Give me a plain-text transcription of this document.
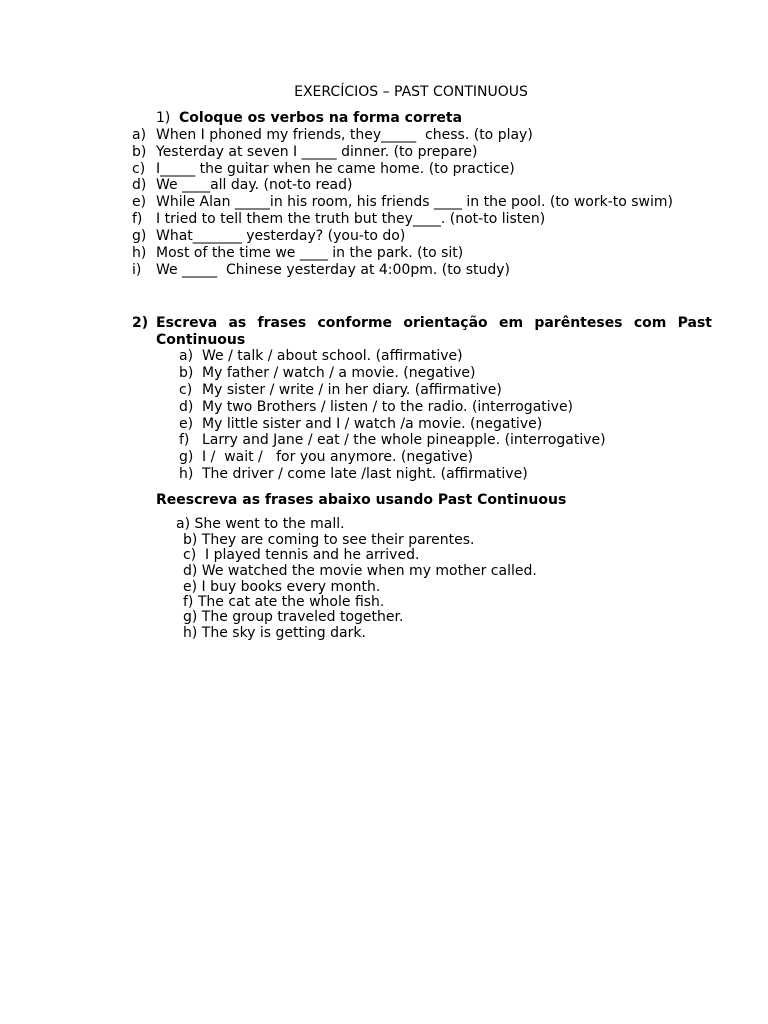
EXERCÍCIOS – PAST CONTINUOUS
1) Coloque os verbos na forma correta
a) When I phoned my friends, they_____  chess. (to play)
b) Yesterday at seven I _____ dinner. (to prepare)
c) I_____ the guitar when he came home. (to practice)
d) We ____all day. (not-to read)
e) While Alan _____in his room, his friends ____ in the pool. (to work-to swim)
f) I tried to tell them the truth but they____. (not-to listen)
g) What_______ yesterday? (you-to do)
h) Most of the time we ____ in the park. (to sit)
i) We _____  Chinese yesterday at 4:00pm. (to study)
2) Escreva as frases conforme orientação em parênteses com Past
Continuous
a) We / talk / about school. (affirmative)
b) My father / watch / a movie. (negative)
c) My sister / write / in her diary. (affirmative)
d) My two Brothers / listen / to the radio. (interrogative)
e) My little sister and I / watch /a movie. (negative)
f) Larry and Jane / eat / the whole pineapple. (interrogative)
g) I /  wait /   for you anymore. (negative)
h) The driver / come late /last night. (affirmative)
Reescreva as frases abaixo usando Past Continuous
a) She went to the mall.
b) They are coming to see their parentes.
c)  I played tennis and he arrived.
d) We watched the movie when my mother called.
e) I buy books every month.
f) The cat ate the whole fish.
g) The group traveled together.
h) The sky is getting dark.
